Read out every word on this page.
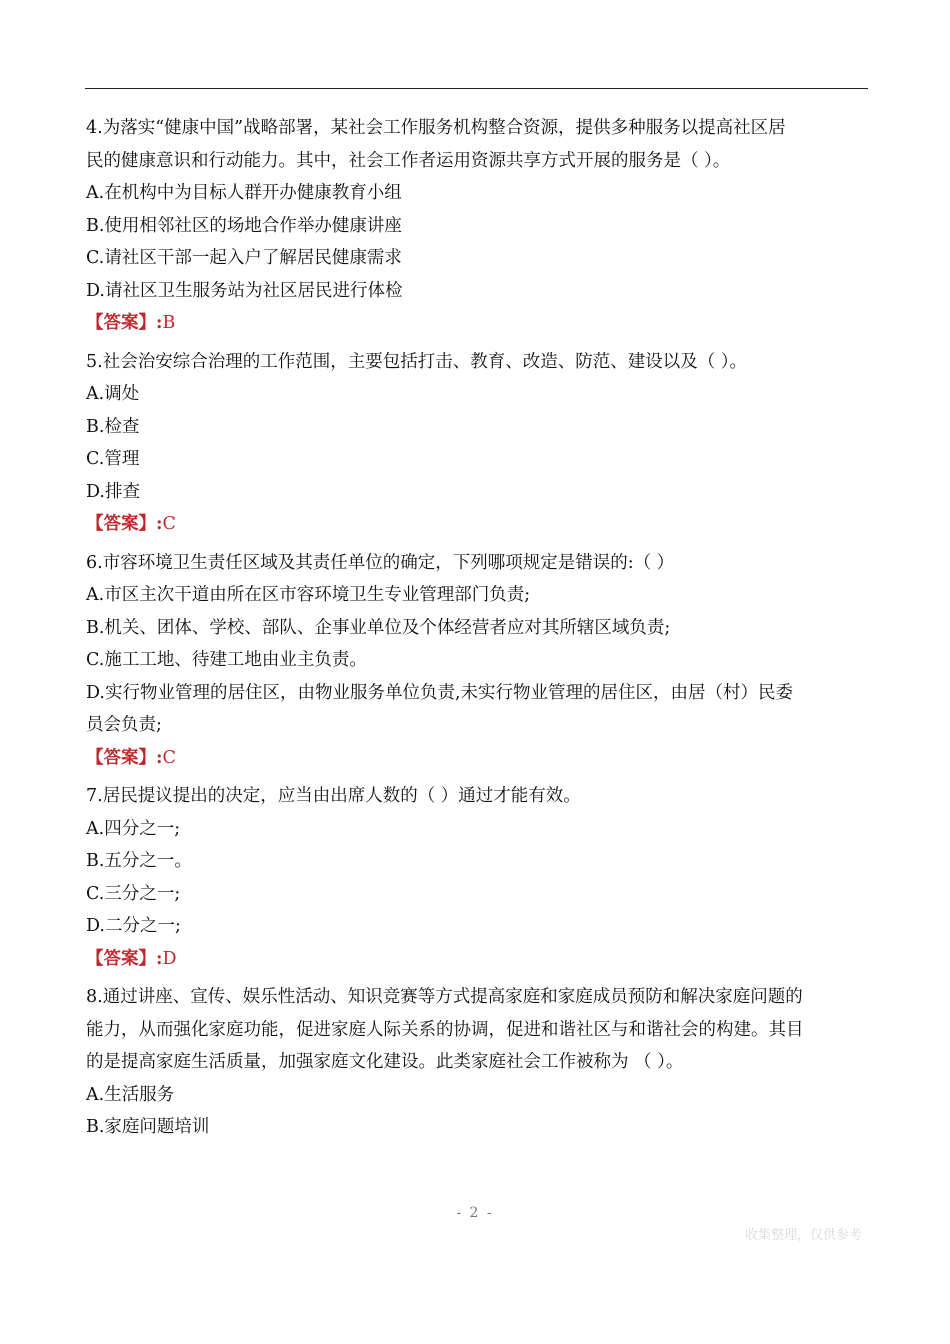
4.为落实“健康中国”战略部署，某社会工作服务机构整合资源，提供多种服务以提高社区居
民的健康意识和行动能力。其中，社会工作者运用资源共享方式开展的服务是（ ）。
A.在机构中为目标人群开办健康教育小组
B.使用相邻社区的场地合作举办健康讲座
C.请社区干部一起入户了解居民健康需求
D.请社区卫生服务站为社区居民进行体检
【答案】:B
5.社会治安综合治理的工作范围，主要包括打击、教育、改造、防范、建设以及（ ）。
A.调处
B.检查
C.管理
D.排查
【答案】:C
6.市容环境卫生责任区域及其责任单位的确定，下列哪项规定是错误的:（ ）
A.市区主次干道由所在区市容环境卫生专业管理部门负责;
B.机关、团体、学校、部队、企事业单位及个体经营者应对其所辖区域负责;
C.施工工地、待建工地由业主负责。
D.实行物业管理的居住区，由物业服务单位负责,未实行物业管理的居住区，由居（村）民委
员会负责;
【答案】:C
7.居民提议提出的决定，应当由出席人数的（ ）通过才能有效。
A.四分之一;
B.五分之一。
C.三分之一;
D.二分之一;
【答案】:D
8.通过讲座、宣传、娱乐性活动、知识竞赛等方式提高家庭和家庭成员预防和解决家庭问题的
能力，从而强化家庭功能，促进家庭人际关系的协调，促进和谐社区与和谐社会的构建。其目
的是提高家庭生活质量，加强家庭文化建设。此类家庭社会工作被称为 （ ）。
A.生活服务
B.家庭问题培训
- 2 -
收集整理，仅供参考
